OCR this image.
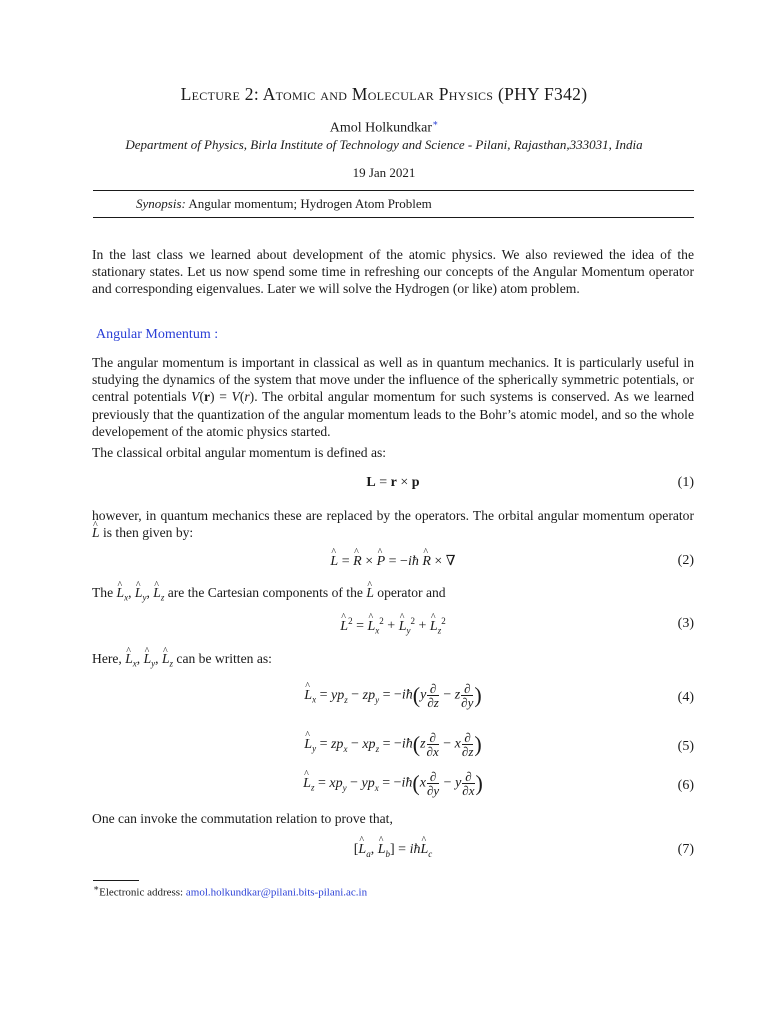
Lecture 2: Atomic and Molecular Physics (PHY F342)
Amol Holkundkar∗
Department of Physics, Birla Institute of Technology and Science - Pilani, Rajasthan,333031, India
19 Jan 2021
Synopsis: Angular momentum; Hydrogen Atom Problem

In the last class we learned about development of the atomic physics. We also reviewed the idea of the stationary states. Let us now spend some time in refreshing our concepts of the Angular Momentum operator and corresponding eigenvalues. Later we will solve the Hydrogen (or like) atom problem.

Angular Momentum :

The angular momentum is important in classical as well as in quantum mechanics. It is particularly useful in studying the dynamics of the system that move under the influence of the spherically symmetric potentials, or central potentials V(r) = V(r). The orbital angular momentum for such systems is conserved. As we learned previously that the quantization of the angular momentum leads to the Bohr’s atomic model, and so the whole developement of the atomic physics started.

The classical orbital angular momentum is defined as:

L = r × p	(1)

however, in quantum mechanics these are replaced by the operators. The orbital angular momentum operator ^ L is then given by:

^ L = ^ R × ^ P = −iħ ^ R × ∇	(2)

The ^ $L_x$, ^ $L_y$, ^ $L_z$ are the Cartesian components of the ^ L operator and

^ $L^2$ = ^ $L_x^2$ + ^ $L_y^2$ + ^ $L_z^2$	(3)

Here, ^ $L_x$, ^ $L_y$, ^ $L_z$ can be written as:

^ $L_x = yp_z - zp_y$ = −iħ(y $\frac{\partial}{\partial z} - z \frac{\partial}{\partial y}$ )	(4)
^ $L_y = zp_x - xp_z$ = −iħ(z $\frac{\partial}{\partial x} - x \frac{\partial}{\partial z}$ )	(5)
^ $L_z = xp_y - yp_x$ = −iħ(x $\frac{\partial}{\partial y} - y \frac{\partial}{\partial x}$ )	(6)

One can invoke the commutation relation to prove that,

[^ $L_a$, ^ $L_b$] = iħ^ $L_c$	(7)
∗Electronic address: amol.holkundkar@pilani.bits-pilani.ac.in
